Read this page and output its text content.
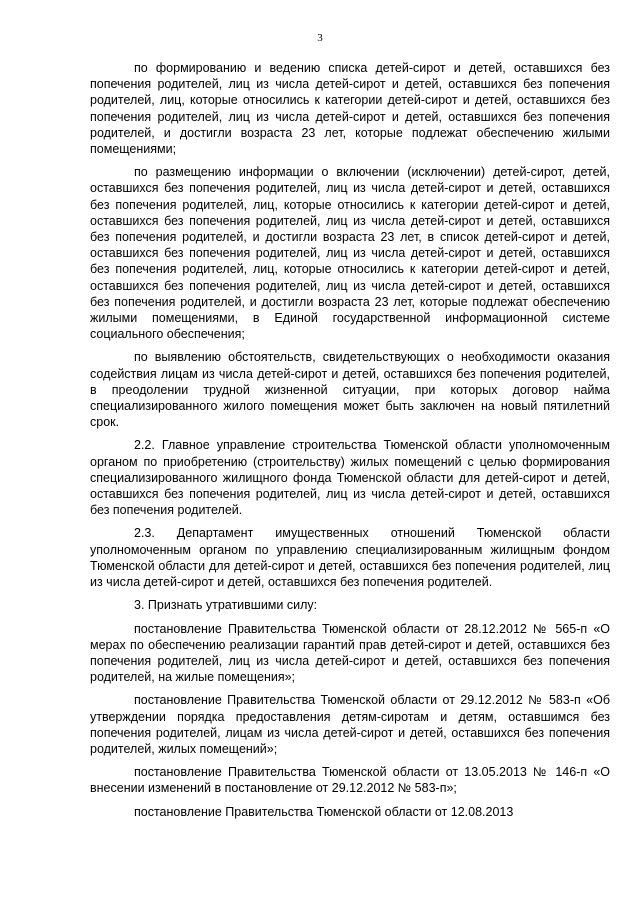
3

по формированию и ведению списка детей-сирот и детей, оставшихся без попечения родителей, лиц из числа детей-сирот и детей, оставшихся без попечения родителей, лиц, которые относились к категории детей-сирот и детей, оставшихся без попечения родителей, лиц из числа детей-сирот и детей, оставшихся без попечения родителей, и достигли возраста 23 лет, которые подлежат обеспечению жилыми помещениями;

по размещению информации о включении (исключении) детей-сирот, детей, оставшихся без попечения родителей, лиц из числа детей-сирот и детей, оставшихся без попечения родителей, лиц, которые относились к категории детей-сирот и детей, оставшихся без попечения родителей, лиц из числа детей-сирот и детей, оставшихся без попечения родителей, и достигли возраста 23 лет, в список детей-сирот и детей, оставшихся без попечения родителей, лиц из числа детей-сирот и детей, оставшихся без попечения родителей, лиц, которые относились к категории детей-сирот и детей, оставшихся без попечения родителей, лиц из числа детей-сирот и детей, оставшихся без попечения родителей, и достигли возраста 23 лет, которые подлежат обеспечению жилыми помещениями, в Единой государственной информационной системе социального обеспечения;

по выявлению обстоятельств, свидетельствующих о необходимости оказания содействия лицам из числа детей-сирот и детей, оставшихся без попечения родителей, в преодолении трудной жизненной ситуации, при которых договор найма специализированного жилого помещения может быть заключен на новый пятилетний срок.

2.2. Главное управление строительства Тюменской области уполномоченным органом по приобретению (строительству) жилых помещений с целью формирования специализированного жилищного фонда Тюменской области для детей-сирот и детей, оставшихся без попечения родителей, лиц из числа детей-сирот и детей, оставшихся без попечения родителей.

2.3. Департамент имущественных отношений Тюменской области уполномоченным органом по управлению специализированным жилищным фондом Тюменской области для детей-сирот и детей, оставшихся без попечения родителей, лиц из числа детей-сирот и детей, оставшихся без попечения родителей.

3. Признать утратившими силу:

постановление Правительства Тюменской области от 28.12.2012 № 565-п «О мерах по обеспечению реализации гарантий прав детей-сирот и детей, оставшихся без попечения родителей, лиц из числа детей-сирот и детей, оставшихся без попечения родителей, на жилые помещения»;

постановление Правительства Тюменской области от 29.12.2012 № 583-п «Об утверждении порядка предоставления детям-сиротам и детям, оставшимся без попечения родителей, лицам из числа детей-сирот и детей, оставшихся без попечения родителей, жилых помещений»;

постановление Правительства Тюменской области от 13.05.2013 № 146-п «О внесении изменений в постановление от 29.12.2012 № 583-п»;

постановление Правительства Тюменской области от 12.08.2013
